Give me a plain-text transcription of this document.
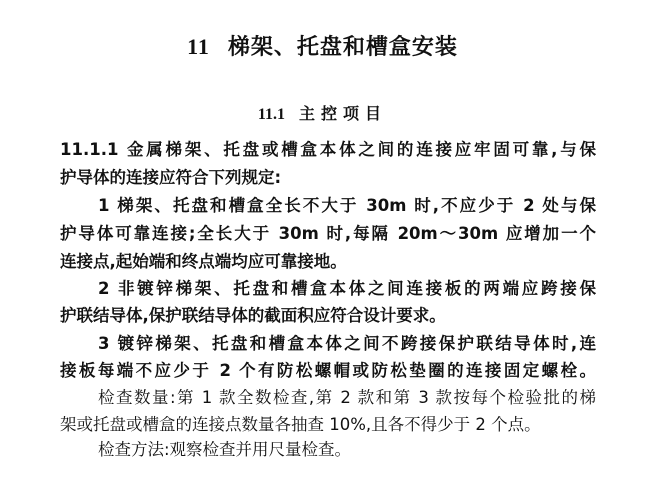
11 梯架、托盘和槽盒安装
11.1 主控项目
11.1.1 金属梯架、托盘或槽盒本体之间的连接应牢固可靠,与保
护导体的连接应符合下列规定:
1 梯架、托盘和槽盒全长不大于 30m 时,不应少于 2 处与保
护导体可靠连接;全长大于 30m 时,每隔 20m～30m 应增加一个
连接点,起始端和终点端均应可靠接地。
2 非镀锌梯架、托盘和槽盒本体之间连接板的两端应跨接保
护联结导体,保护联结导体的截面积应符合设计要求。
3 镀锌梯架、托盘和槽盒本体之间不跨接保护联结导体时,连
接板每端不应少于 2 个有防松螺帽或防松垫圈的连接固定螺栓。
检查数量:第 1 款全数检查,第 2 款和第 3 款按每个检验批的梯
架或托盘或槽盒的连接点数量各抽查 10%,且各不得少于 2 个点。
检查方法:观察检查并用尺量检查。
